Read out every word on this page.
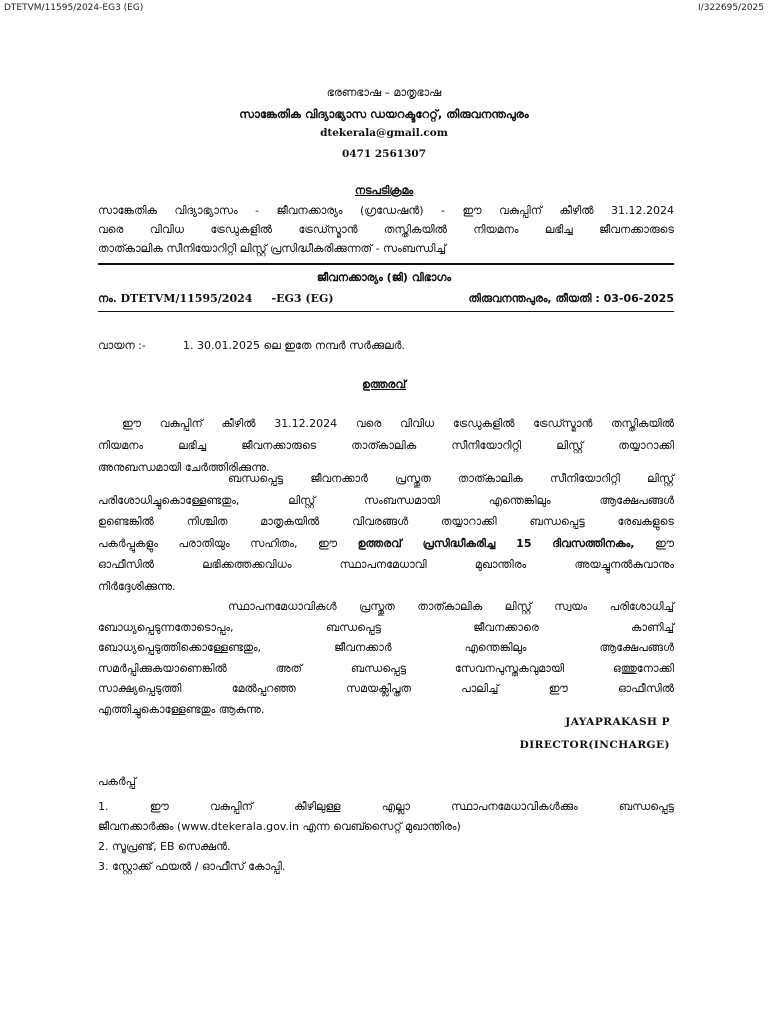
DTETVM/11595/2024-EG3 (EG)	I/322695/2025
ഭരണഭാഷ – മാതൃഭാഷ
സാങ്കേതിക വിദ്യാഭ്യാസ ഡയറക്ടറേറ്റ്, തിരുവനന്തപുരം
dtekerala@gmail.com
0471 2561307
നടപടിക്രമം
സാങ്കേതിക വിദ്യാഭ്യാസം - ജീവനക്കാര്യം (ഗ്രഡേഷൻ) - ഈ വകുപ്പിന് കീഴിൽ 31.12.2024
വരെ വിവിധ ട്രേഡുകളിൽ ട്രേഡ്സ്മാൻ തസ്തികയിൽ നിയമനം ലഭിച്ച ജീവനക്കാരുടെ
താത്കാലിക സീനിയോറിറ്റി ലിസ്റ്റ് പ്രസിദ്ധീകരിക്കുന്നത് - സംബന്ധിച്ച്
ജീവനക്കാര്യം (ജി) വിഭാഗം
നം. DTETVM/11595/2024     -EG3 (EG)	തിരുവനന്തപുരം, തീയതി : 03-06-2025
വായന :-	1. 30.01.2025 ലെ ഇതേ നമ്പർ സർക്കുലർ.
ഉത്തരവ്
ഈ വകുപ്പിന് കീഴിൽ 31.12.2024 വരെ വിവിധ ട്രേഡുകളിൽ ട്രേഡ്സ്മാൻ തസ്തികയിൽ
നിയമനം ലഭിച്ച ജീവനക്കാരുടെ താത്കാലിക സീനിയോറിറ്റി ലിസ്റ്റ് തയ്യാറാക്കി
അനുബന്ധമായി ചേർത്തിരിക്കുന്നു.
ബന്ധപ്പെട്ട ജീവനക്കാർ പ്രസ്തുത താത്കാലിക സീനിയോറിറ്റി ലിസ്റ്റ്
പരിശോധിച്ചുകൊള്ളേണ്ടതും, ലിസ്റ്റ് സംബന്ധമായി എന്തെങ്കിലും ആക്ഷേപങ്ങൾ
ഉണ്ടെങ്കിൽ നിശ്ചിത മാതൃകയിൽ വിവരങ്ങൾ തയ്യാറാക്കി ബന്ധപ്പെട്ട രേഖകളുടെ
പകർപ്പുകളും പരാതിയും സഹിതം, ഈ ഉത്തരവ് പ്രസിദ്ധീകരിച്ച 15 ദിവസത്തിനകം, ഈ
ഓഫീസിൽ ലഭിക്കത്തക്കവിധം സ്ഥാപനമേധാവി മുഖാന്തിരം അയച്ചുനൽകുവാനും
നിർദ്ദേശിക്കുന്നു.
സ്ഥാപനമേധാവികൾ പ്രസ്തുത താത്കാലിക ലിസ്റ്റ് സ്വയം പരിശോധിച്ച്
ബോധ്യപ്പെടുന്നതോടൊപ്പം, ബന്ധപ്പെട്ട ജീവനക്കാരെ കാണിച്ച്
ബോധ്യപ്പെടുത്തിക്കൊള്ളേണ്ടതും, ജീവനക്കാർ എന്തെങ്കിലും ആക്ഷേപങ്ങൾ
സമർപ്പിക്കുകയാണെങ്കിൽ അത് ബന്ധപ്പെട്ട സേവനപുസ്തകവുമായി ഒത്തുനോക്കി
സാക്ഷ്യപ്പെടുത്തി മേൽപ്പറഞ്ഞ സമയക്ലിപ്തത പാലിച്ച് ഈ ഓഫീസിൽ
എത്തിച്ചുകൊള്ളേണ്ടതും ആകുന്നു.
JAYAPRAKASH P
DIRECTOR(INCHARGE)
പകർപ്പ്
1. ഈ വകുപ്പിന് കീഴിലുള്ള എല്ലാ സ്ഥാപനമേധാവികൾക്കും ബന്ധപ്പെട്ട
ജീവനക്കാർക്കും (www.dtekerala.gov.in എന്ന വെബ്സൈറ്റ് മുഖാന്തിരം)
2. സൂപ്രണ്ട്, EB സെക്ഷൻ.
3. സ്റ്റോക്ക് ഫയൽ / ഓഫീസ് കോപ്പി.
